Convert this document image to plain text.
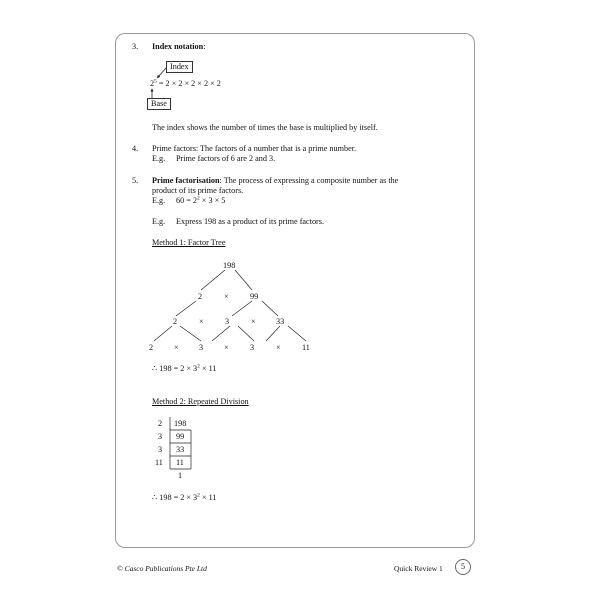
3. Index notation:
Index
$2^5 = 2 \times 2 \times 2 \times 2 \times 2$
Base
The index shows the number of times the base is multiplied by itself.
4. Prime factors: The factors of a number that is a prime number.
E.g. Prime factors of 6 are 2 and 3.
5. Prime factorisation: The process of expressing a composite number as the
product of its prime factors.
E.g. $60 = 2^2 \times 3 \times 5$
E.g. Express 198 as a product of its prime factors.
Method 1: Factor Tree
198
2	×	99
2	×	3	× 33
2	× 3	×	3	×	11
∴ $198 = 2 \times 3^2 \times 11$
Method 2: Repeated Division
2 198
3 99
3 33
11 11
1
∴ $198 = 2 \times 3^2 \times 11$
© Casco Publications Pte Ltd	Quick Review 1	5
